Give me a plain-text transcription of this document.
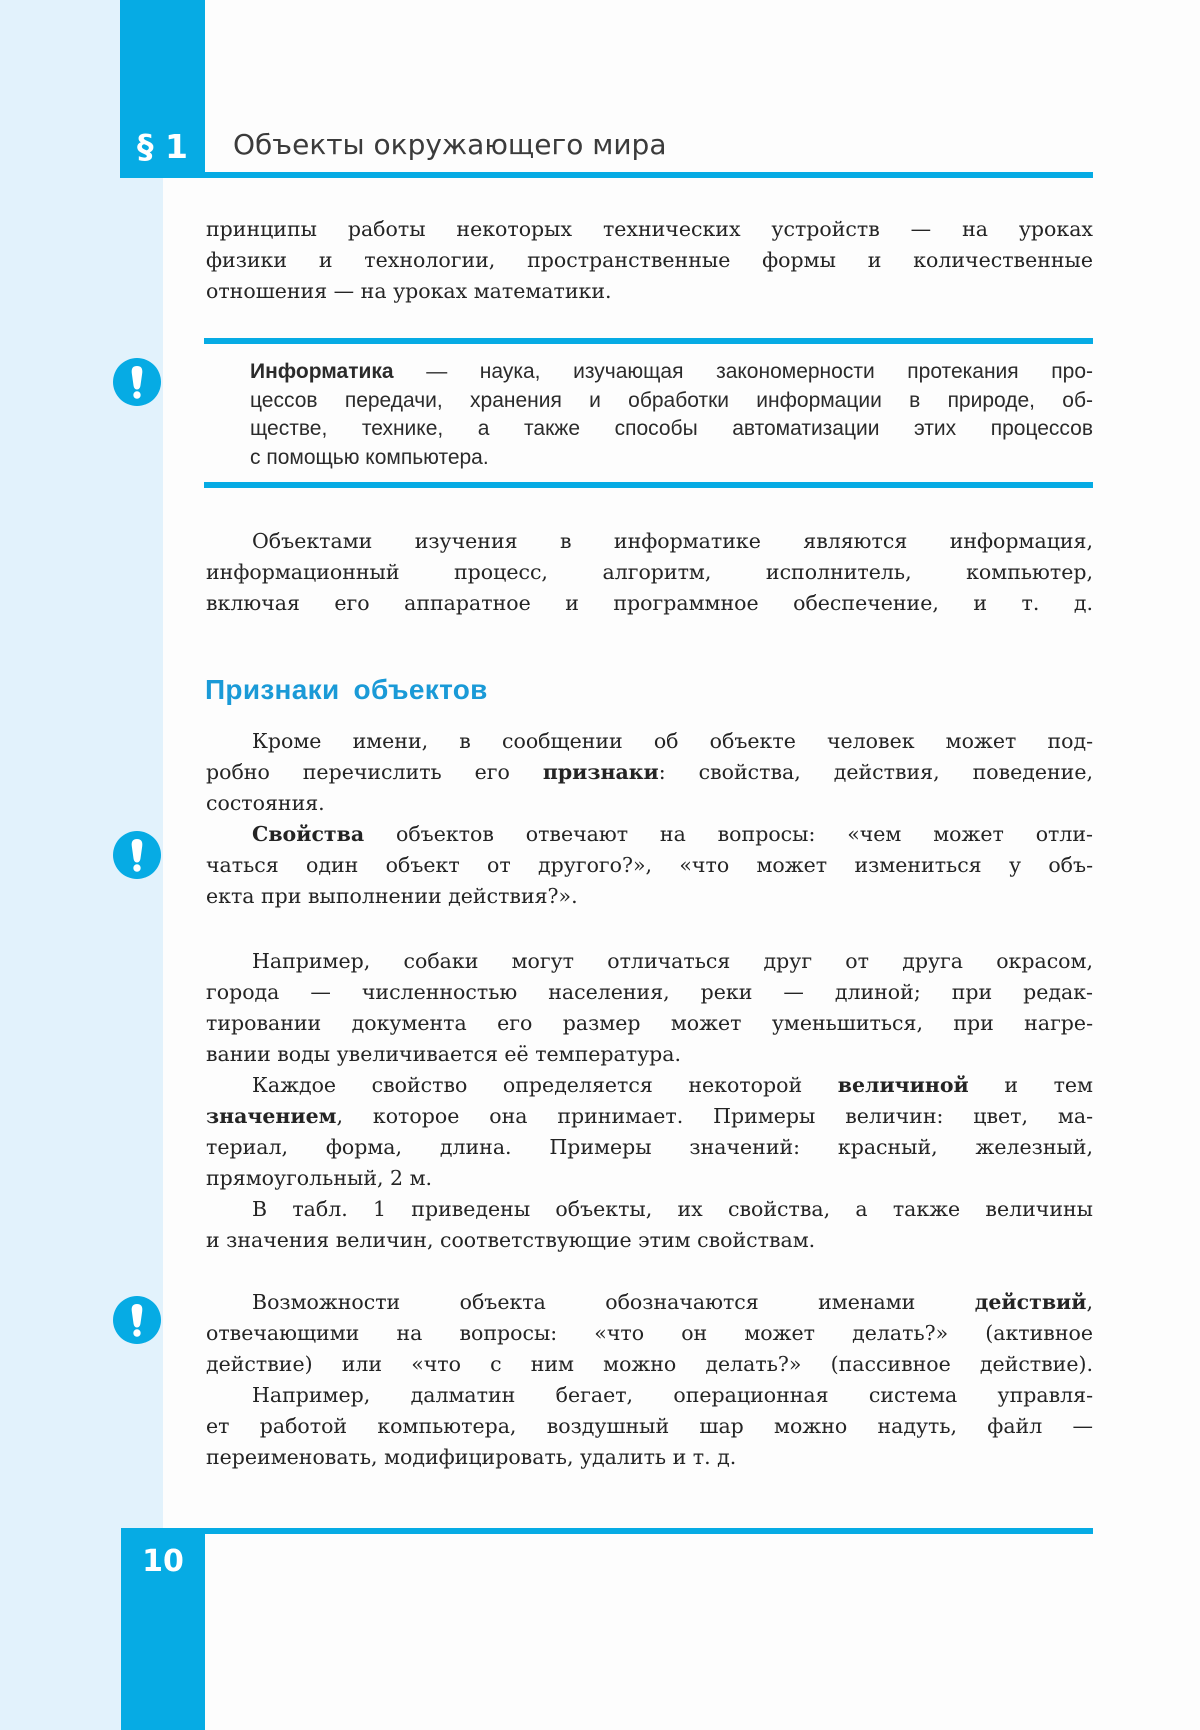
§ 1 Объекты окружающего мира
принципы работы некоторых технических устройств — на уроках
физики и технологии, пространственные формы и количественные
отношения — на уроках математики.
Информатика — наука, изучающая закономерности протекания про-
цессов передачи, хранения и обработки информации в природе, об-
ществе, технике, а также способы автоматизации этих процессов
с помощью компьютера.
Объектами изучения в информатике являются информация,
информационный процесс, алгоритм, исполнитель, компьютер,
включая его аппаратное и программное обеспечение, и т. д.
Признаки объектов
Кроме имени, в сообщении об объекте человек может под-
робно перечислить его признаки: свойства, действия, поведение,
состояния.
Свойства объектов отвечают на вопросы: «чем может отли-
чаться один объект от другого?», «что может измениться у объ-
екта при выполнении действия?».
Например, собаки могут отличаться друг от друга окрасом,
города — численностью населения, реки — длиной; при редак-
тировании документа его размер может уменьшиться, при нагре-
вании воды увеличивается её температура.
Каждое свойство определяется некоторой величиной и тем
значением, которое она принимает. Примеры величин: цвет, ма-
териал, форма, длина. Примеры значений: красный, железный,
прямоугольный, 2 м.
В табл. 1 приведены объекты, их свойства, а также величины
и значения величин, соответствующие этим свойствам.
Возможности объекта обозначаются именами действий,
отвечающими на вопросы: «что он может делать?» (активное
действие) или «что с ним можно делать?» (пассивное действие).
Например, далматин бегает, операционная система управля-
ет работой компьютера, воздушный шар можно надуть, файл —
переименовать, модифицировать, удалить и т. д.
10
